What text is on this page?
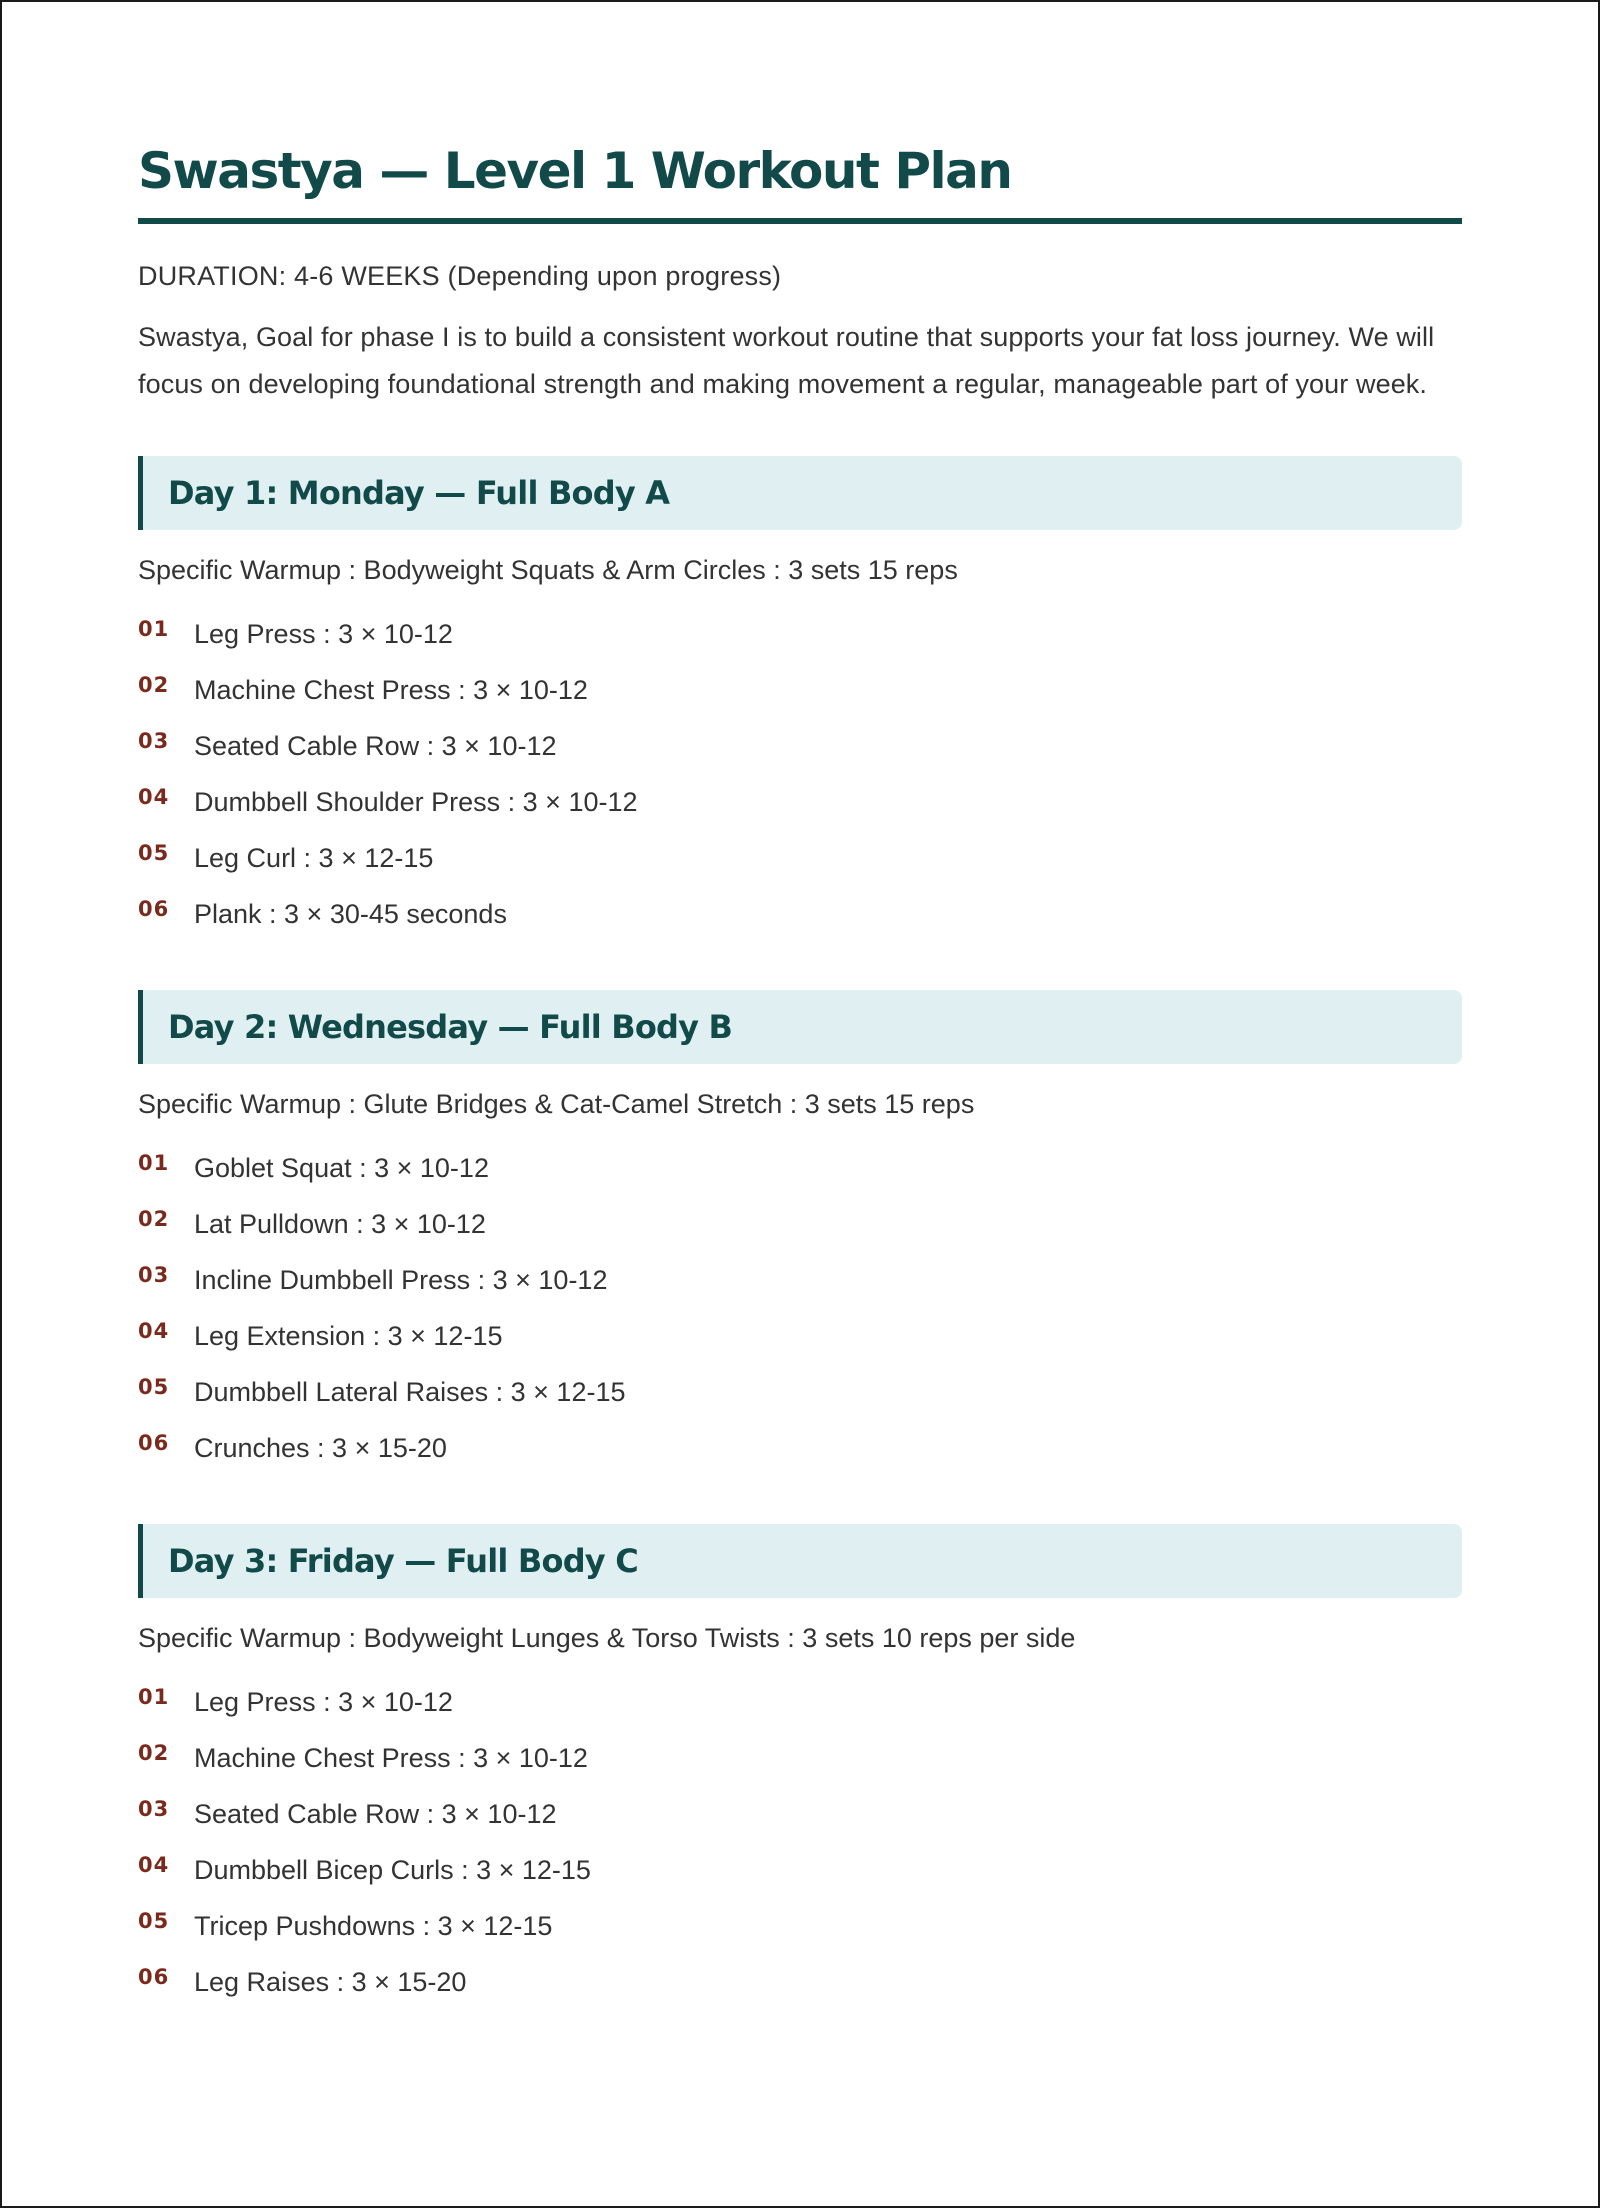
Swastya — Level 1 Workout Plan
DURATION: 4-6 WEEKS (Depending upon progress)
Swastya, Goal for phase I is to build a consistent workout routine that supports your fat loss journey. We will focus on developing foundational strength and making movement a regular, manageable part of your week.
Day 1: Monday — Full Body A
Specific Warmup : Bodyweight Squats & Arm Circles : 3 sets 15 reps
01 Leg Press : 3 × 10-12
02 Machine Chest Press : 3 × 10-12
03 Seated Cable Row : 3 × 10-12
04 Dumbbell Shoulder Press : 3 × 10-12
05 Leg Curl : 3 × 12-15
06 Plank : 3 × 30-45 seconds
Day 2: Wednesday — Full Body B
Specific Warmup : Glute Bridges & Cat-Camel Stretch : 3 sets 15 reps
01 Goblet Squat : 3 × 10-12
02 Lat Pulldown : 3 × 10-12
03 Incline Dumbbell Press : 3 × 10-12
04 Leg Extension : 3 × 12-15
05 Dumbbell Lateral Raises : 3 × 12-15
06 Crunches : 3 × 15-20
Day 3: Friday — Full Body C
Specific Warmup : Bodyweight Lunges & Torso Twists : 3 sets 10 reps per side
01 Leg Press : 3 × 10-12
02 Machine Chest Press : 3 × 10-12
03 Seated Cable Row : 3 × 10-12
04 Dumbbell Bicep Curls : 3 × 12-15
05 Tricep Pushdowns : 3 × 12-15
06 Leg Raises : 3 × 15-20
